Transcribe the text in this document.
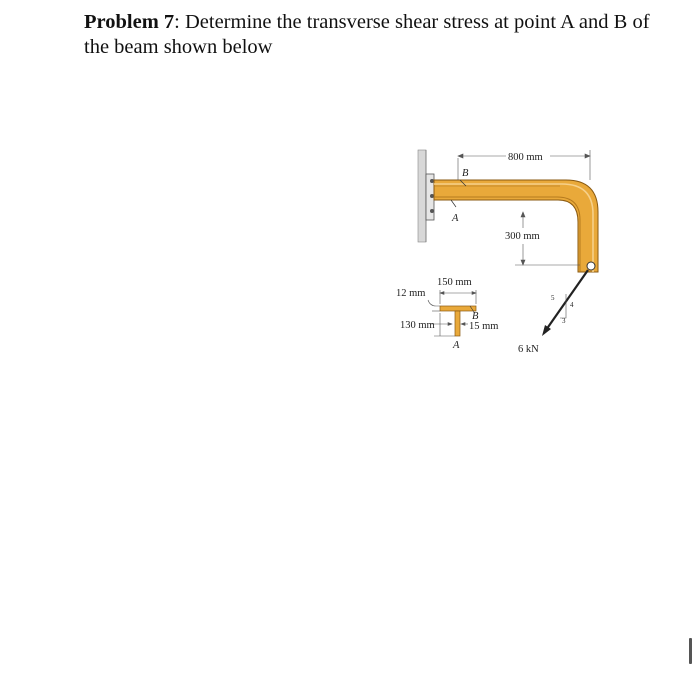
Problem 7: Determine the transverse shear stress at point A and B of the beam shown below
B
A
800 mm
300 mm
6 kN
5
4
3
150 mm
12 mm
130 mm	15 mm
B
A
